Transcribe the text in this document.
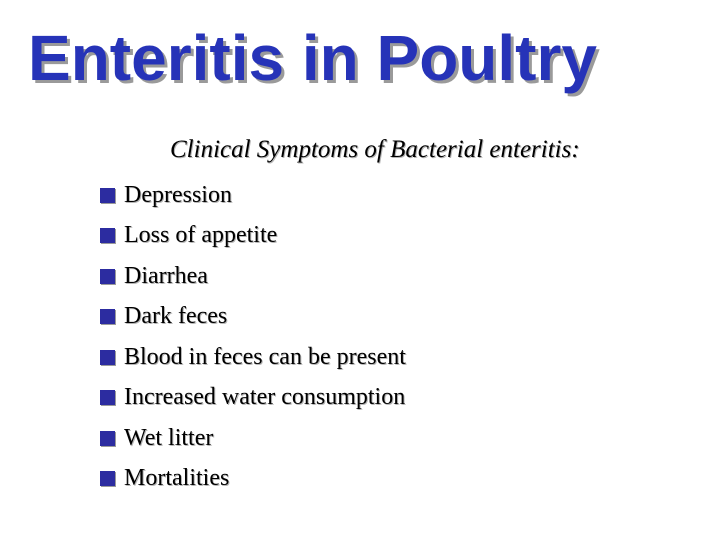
Enteritis in Poultry

Clinical Symptoms of Bacterial enteritis:

Depression
Loss of appetite
Diarrhea
Dark feces
Blood in feces can be present
Increased water consumption
Wet litter
Mortalities
